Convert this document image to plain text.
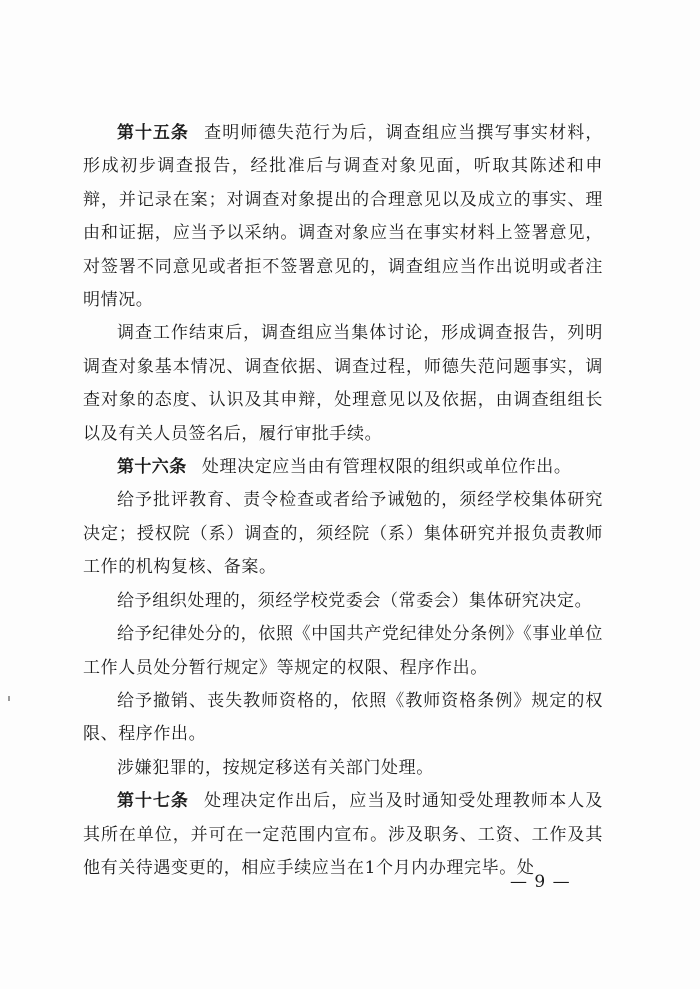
第十五条 查明师德失范行为后，调查组应当撰写事实材料，形成初步调查报告，经批准后与调查对象见面，听取其陈述和申辩，并记录在案；对调查对象提出的合理意见以及成立的事实、理由和证据，应当予以采纳。调查对象应当在事实材料上签署意见，对签署不同意见或者拒不签署意见的，调查组应当作出说明或者注明情况。

调查工作结束后，调查组应当集体讨论，形成调查报告，列明调查对象基本情况、调查依据、调查过程，师德失范问题事实，调查对象的态度、认识及其申辩，处理意见以及依据，由调查组组长以及有关人员签名后，履行审批手续。

第十六条 处理决定应当由有管理权限的组织或单位作出。

给予批评教育、责令检查或者给予诫勉的，须经学校集体研究决定；授权院（系）调查的，须经院（系）集体研究并报负责教师工作的机构复核、备案。

给予组织处理的，须经学校党委会（常委会）集体研究决定。

给予纪律处分的，依照《中国共产党纪律处分条例》《事业单位工作人员处分暂行规定》等规定的权限、程序作出。

给予撤销、丧失教师资格的，依照《教师资格条例》规定的权限、程序作出。

涉嫌犯罪的，按规定移送有关部门处理。

第十七条 处理决定作出后，应当及时通知受处理教师本人及其所在单位，并可在一定范围内宣布。涉及职务、工资、工作及其他有关待遇变更的，相应手续应当在1个月内办理完毕。处

— 9 —
